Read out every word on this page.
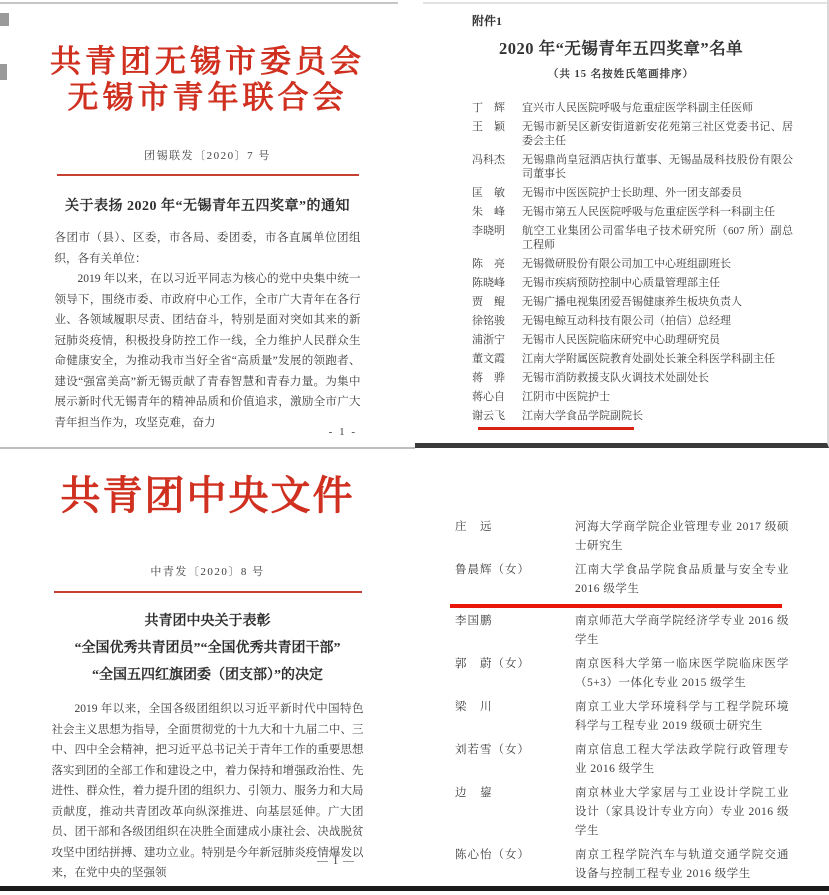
共青团无锡市委员会
无锡市青年联合会
团锡联发〔2020〕7 号
关于表扬 2020 年“无锡青年五四奖章”的通知

各团市（县）、区委，市各局、委团委，市各直属单位团组织，各有关单位：

2019 年以来，在以习近平同志为核心的党中央集中统一领导下，围绕市委、市政府中心工作，全市广大青年在各行业、各领域履职尽责、团结奋斗，特别是面对突如其来的新冠肺炎疫情，积极投身防控工作一线，全力维护人民群众生命健康安全，为推动我市当好全省“高质量”发展的领跑者、建设“强富美高”新无锡贡献了青春智慧和青春力量。为集中展示新时代无锡青年的精神品质和价值追求，激励全市广大青年担当作为，攻坚克难，奋力

- 1 -
附件1
2020 年“无锡青年五四奖章”名单
（共 15 名按姓氏笔画排序）
丁　辉	宜兴市人民医院呼吸与危重症医学科副主任医师
王　颖	无锡市新吴区新安街道新安花苑第三社区党委书记、居委会主任
冯科杰	无锡鼎尚皇冠酒店执行董事、无锡晶晟科技股份有限公司董事长
匡　敏	无锡市中医医院护士长助理、外一团支部委员
朱　峰	无锡市第五人民医院呼吸与危重症医学科一科副主任
李晓明	航空工业集团公司雷华电子技术研究所（607 所）副总工程师
陈　亮	无锡微研股份有限公司加工中心班组副班长
陈晓峰	无锡市疾病预防控制中心质量管理部主任
贾　鲲	无锡广播电视集团爱吾锡健康养生板块负责人
徐铭骏	无锡电鲸互动科技有限公司（拍信）总经理
浦浙宁	无锡市人民医院临床研究中心助理研究员
董文霞	江南大学附属医院教育处副处长兼全科医学科副主任
蒋　骅	无锡市消防救援支队火调技术处副处长
蒋心自	江阴市中医院护士
谢云飞	江南大学食品学院副院长
共青团中央文件
中青发〔2020〕8 号
共青团中央关于表彰
“全国优秀共青团员”“全国优秀共青团干部”
“全国五四红旗团委（团支部）”的决定

2019 年以来，全国各级团组织以习近平新时代中国特色社会主义思想为指导，全面贯彻党的十九大和十九届二中、三中、四中全会精神，把习近平总书记关于青年工作的重要思想落实到团的全部工作和建设之中，着力保持和增强政治性、先进性、群众性，着力提升团的组织力、引领力、服务力和大局贡献度，推动共青团改革向纵深推进、向基层延伸。广大团员、团干部和各级团组织在决胜全面建成小康社会、决战脱贫攻坚中团结拼搏、建功立业。特别是今年新冠肺炎疫情爆发以来，在党中央的坚强领

— 1 —
庄　远	河海大学商学院企业管理专业 2017 级硕士研究生
鲁晨辉（女）	江南大学食品学院食品质量与安全专业 2016 级学生
李国鹏	南京师范大学商学院经济学专业 2016 级学生
郭　蔚（女）	南京医科大学第一临床医学院临床医学（5+3）一体化专业 2015 级学生
梁　川	南京工业大学环境科学与工程学院环境科学与工程专业 2019 级硕士研究生
刘若雪（女）	南京信息工程大学法政学院行政管理专业 2016 级学生
边　鋆	南京林业大学家居与工业设计学院工业设计（家具设计专业方向）专业 2016 级学生
陈心怡（女）	南京工程学院汽车与轨道交通学院交通设备与控制工程专业 2016 级学生
